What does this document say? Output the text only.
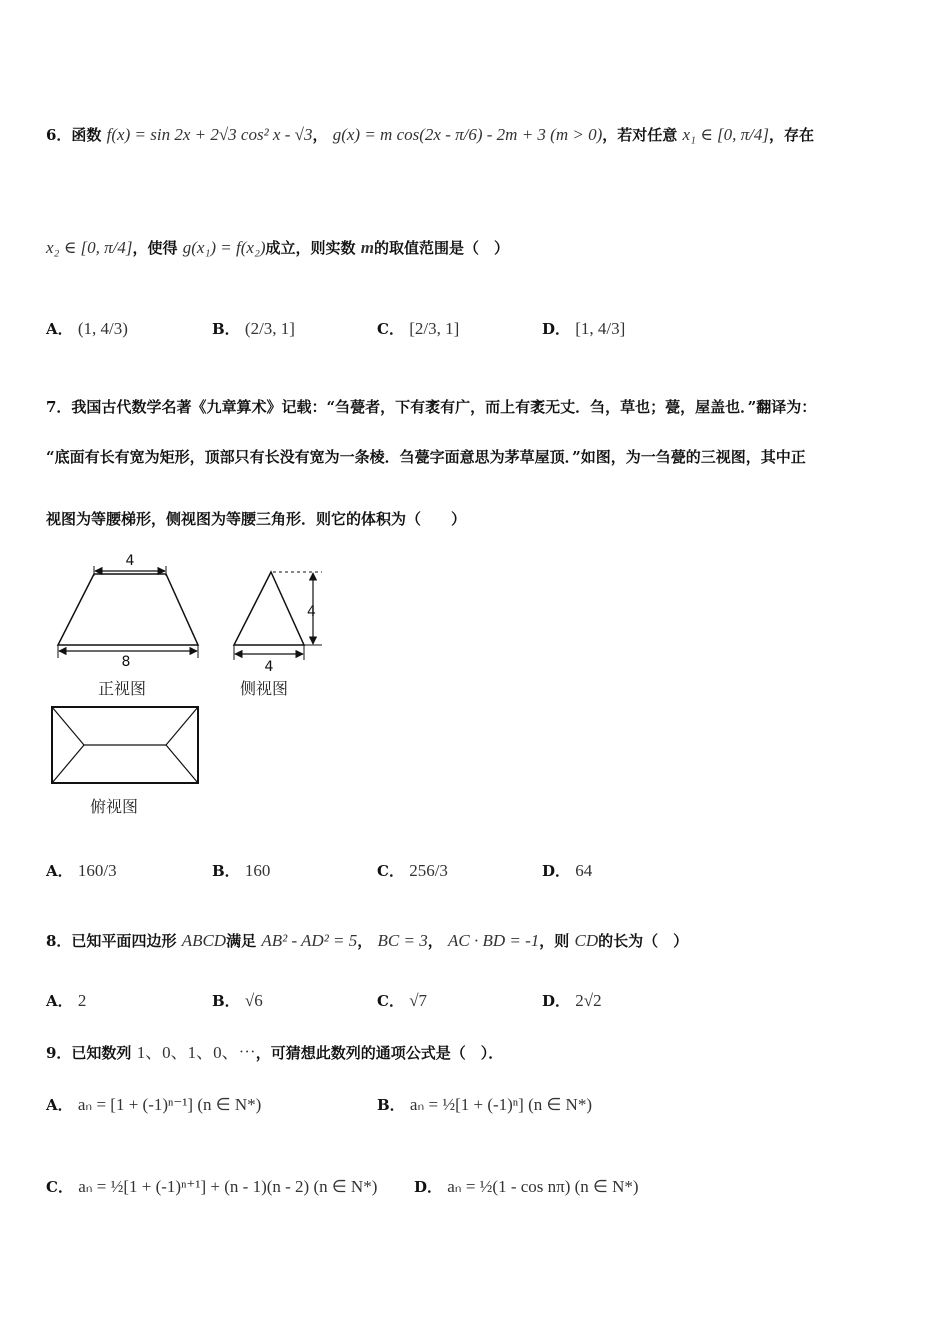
6．函数 f(x) = sin 2x + 2√3 cos² x - √3， g(x) = m cos(2x - π/6) - 2m + 3 (m > 0)，若对任意 x₁ ∈ [0, π/4]，存在
x₂ ∈ [0, π/4]，使得 g(x₁) = f(x₂)成立，则实数 m的取值范围是（　）
A． (1, 4/3)	B． (2/3, 1]	C． [2/3, 1]	D． [1, 4/3]
7．我国古代数学名著《九章算术》记载：“刍甍者，下有袤有广，而上有袤无丈．刍，草也；甍，屋盖也．”翻译为：
“底面有长有宽为矩形，顶部只有长没有宽为一条棱．刍甍字面意思为茅草屋顶．”如图，为一刍甍的三视图，其中正
视图为等腰梯形，侧视图为等腰三角形．则它的体积为（　　）
4
8
4
4
正视图	侧视图
俯视图
A． 160/3	B． 160	C． 256/3	D． 64
8．已知平面四边形 ABCD满足 AB² - AD² = 5， BC = 3， AC · BD = -1，则 CD的长为（　）
A． 2	B． √6	C． √7	D． 2√2
9．已知数列 1、0、1、0、⋯，可猜想此数列的通项公式是（　）．
A． aₙ = [1 + (-1)ⁿ⁻¹] (n ∈ N*)	B． aₙ = ½[1 + (-1)ⁿ] (n ∈ N*)
C． aₙ = ½[1 + (-1)ⁿ⁺¹] + (n - 1)(n - 2) (n ∈ N*) D． aₙ = ½(1 - cos nπ) (n ∈ N*)
